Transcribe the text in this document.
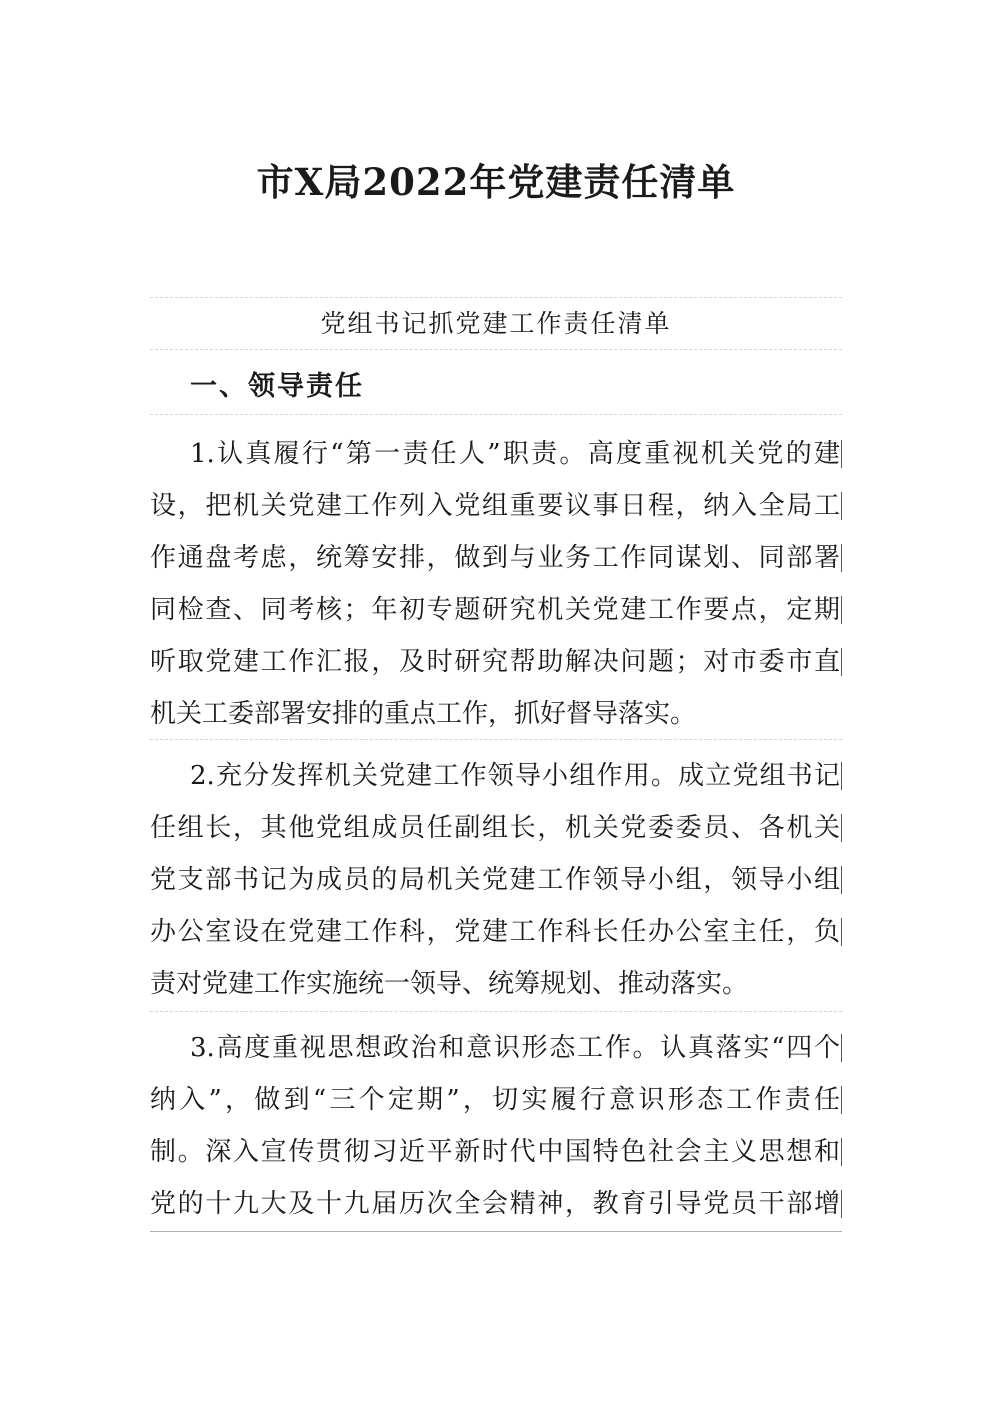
市X局2022年党建责任清单
党组书记抓党建工作责任清单
一、领导责任
1.认真履行“第一责任人”职责。高度重视机关党的建
设，把机关党建工作列入党组重要议事日程，纳入全局工
作通盘考虑，统筹安排，做到与业务工作同谋划、同部署
同检查、同考核；年初专题研究机关党建工作要点，定期
听取党建工作汇报，及时研究帮助解决问题；对市委市直
机关工委部署安排的重点工作，抓好督导落实。
2.充分发挥机关党建工作领导小组作用。成立党组书记
任组长，其他党组成员任副组长，机关党委委员、各机关
党支部书记为成员的局机关党建工作领导小组，领导小组
办公室设在党建工作科，党建工作科长任办公室主任，负
责对党建工作实施统一领导、统筹规划、推动落实。
3.高度重视思想政治和意识形态工作。认真落实“四个
纳入”，做到“三个定期”，切实履行意识形态工作责任
制。深入宣传贯彻习近平新时代中国特色社会主义思想和
党的十九大及十九届历次全会精神，教育引导党员干部增
